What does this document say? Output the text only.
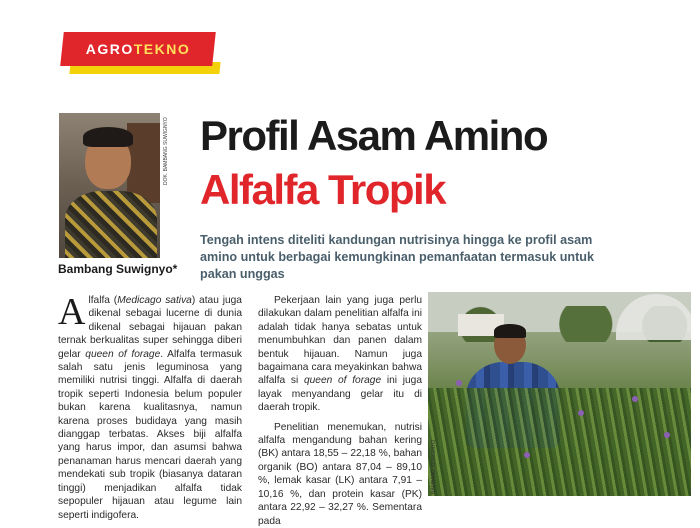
AGROTEKNO
DOK. BAMBANG SUWIGNYO
Bambang Suwignyo*
Profil Asam Amino
Alfalfa Tropik
Tengah intens diteliti kandungan nutrisinya hingga ke profil asam amino untuk berbagai kemungkinan pemanfaatan termasuk untuk pakan unggas

Alfalfa (Medicago sativa) atau juga dikenal sebagai lucerne di dunia dikenal sebagai hijauan pakan ternak berkualitas super sehingga diberi gelar queen of forage. Alfalfa termasuk salah satu jenis leguminosa yang memiliki nutrisi tinggi. Alfalfa di daerah tropik seperti Indonesia belum populer bukan karena kualitasnya, namun karena proses budidaya yang masih dianggap terbatas. Akses biji alfalfa yang harus impor, dan asumsi bahwa penanaman harus mencari daerah yang mendekati sub tropik (biasanya dataran tinggi) menjadikan alfalfa tidak sepopuler hijauan atau legume lain seperti indigofera.

Pekerjaan lain yang juga perlu dilakukan dalam penelitian alfalfa ini adalah tidak hanya sebatas untuk menumbuhkan dan panen dalam bentuk hijauan. Namun juga bagaimana cara meyakinkan bahwa alfalfa si queen of forage ini juga layak menyandang gelar itu di daerah tropik.

Penelitian menemukan, nutrisi alfalfa mengandung bahan kering (BK) antara 18,55 – 22,18 %, bahan organik (BO) antara 87,04 – 89,10 %, lemak kasar (LK) antara 7,91 – 10,16 %, dan protein kasar (PK) antara 22,92 – 32,27 %. Sementara pada

BAMBANG SUWIGNYO
